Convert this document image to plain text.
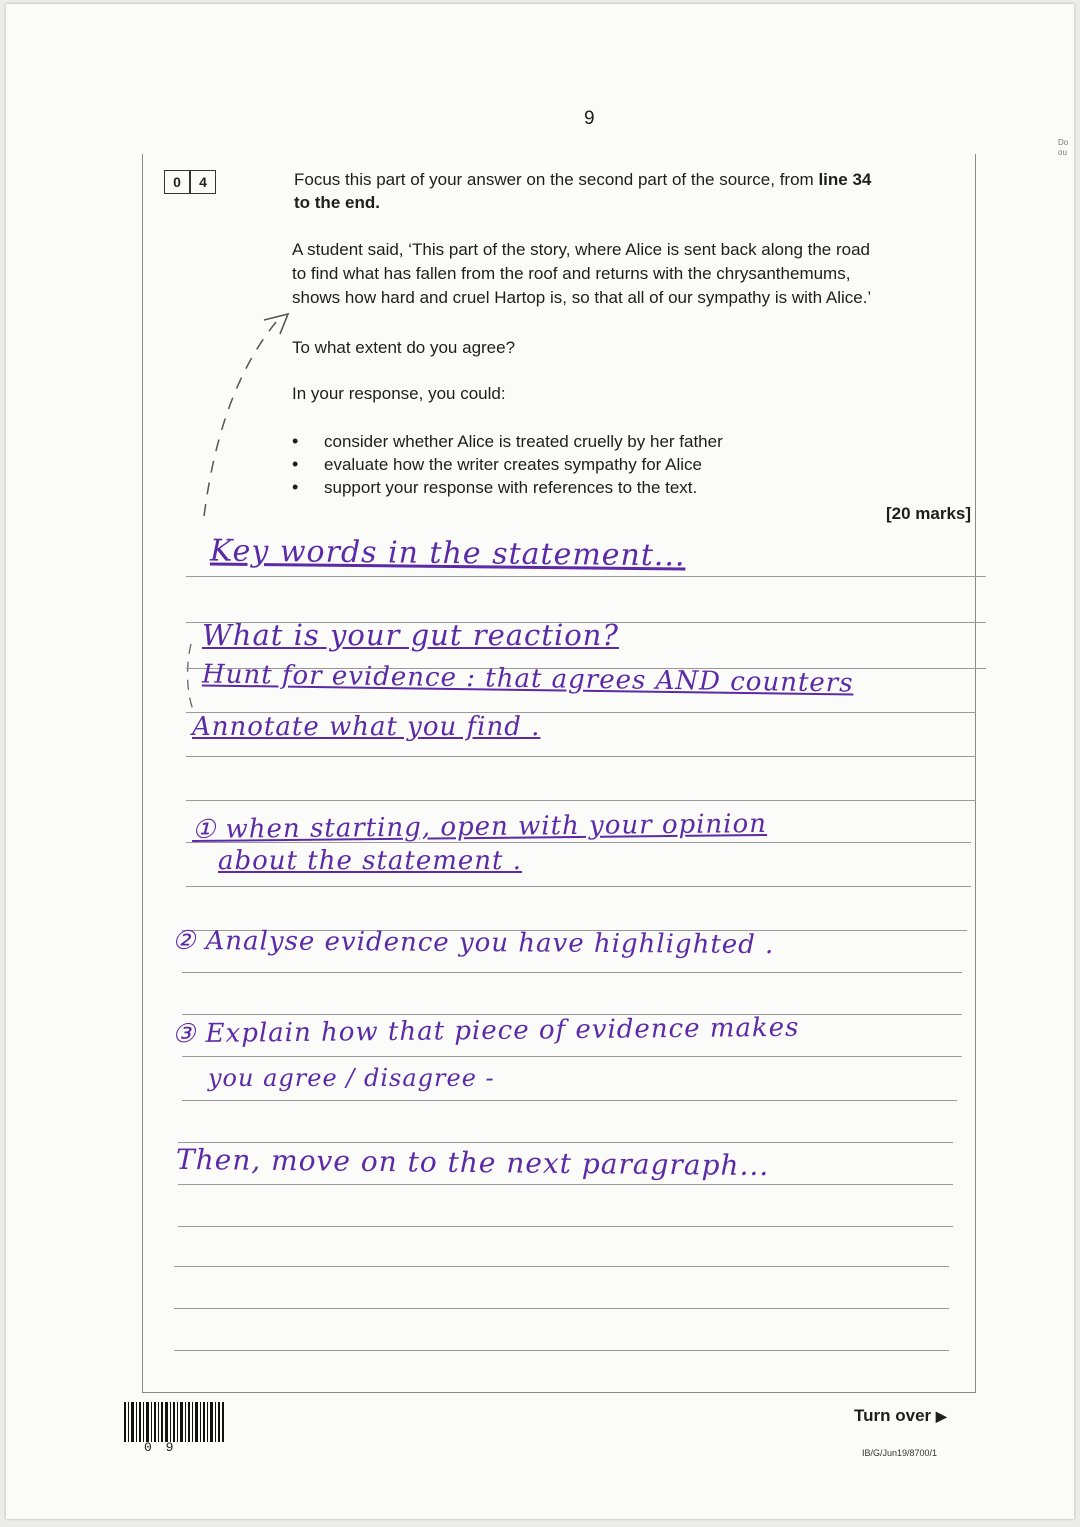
9
Do
ou
0	4	Focus this part of your answer on the second part of the source, from line 34
to the end.
A student said, ‘This part of the story, where Alice is sent back along the road
to find what has fallen from the roof and returns with the chrysanthemums,
shows how hard and cruel Hartop is, so that all of our sympathy is with Alice.’
To what extent do you agree?
In your response, you could:
• consider whether Alice is treated cruelly by her father
• evaluate how the writer creates sympathy for Alice
• support your response with references to the text.
[20 marks]
Key words in the statement...
What is your gut reaction?
Hunt for evidence : that agrees AND counters
Annotate what you find .
① when starting, open with your opinion
about the statement .
② Analyse evidence you have highlighted .
③ Explain how that piece of evidence makes
you agree / disagree -
Then, move on to the next paragraph...
0 9
Turn over ▶
IB/G/Jun19/8700/1
